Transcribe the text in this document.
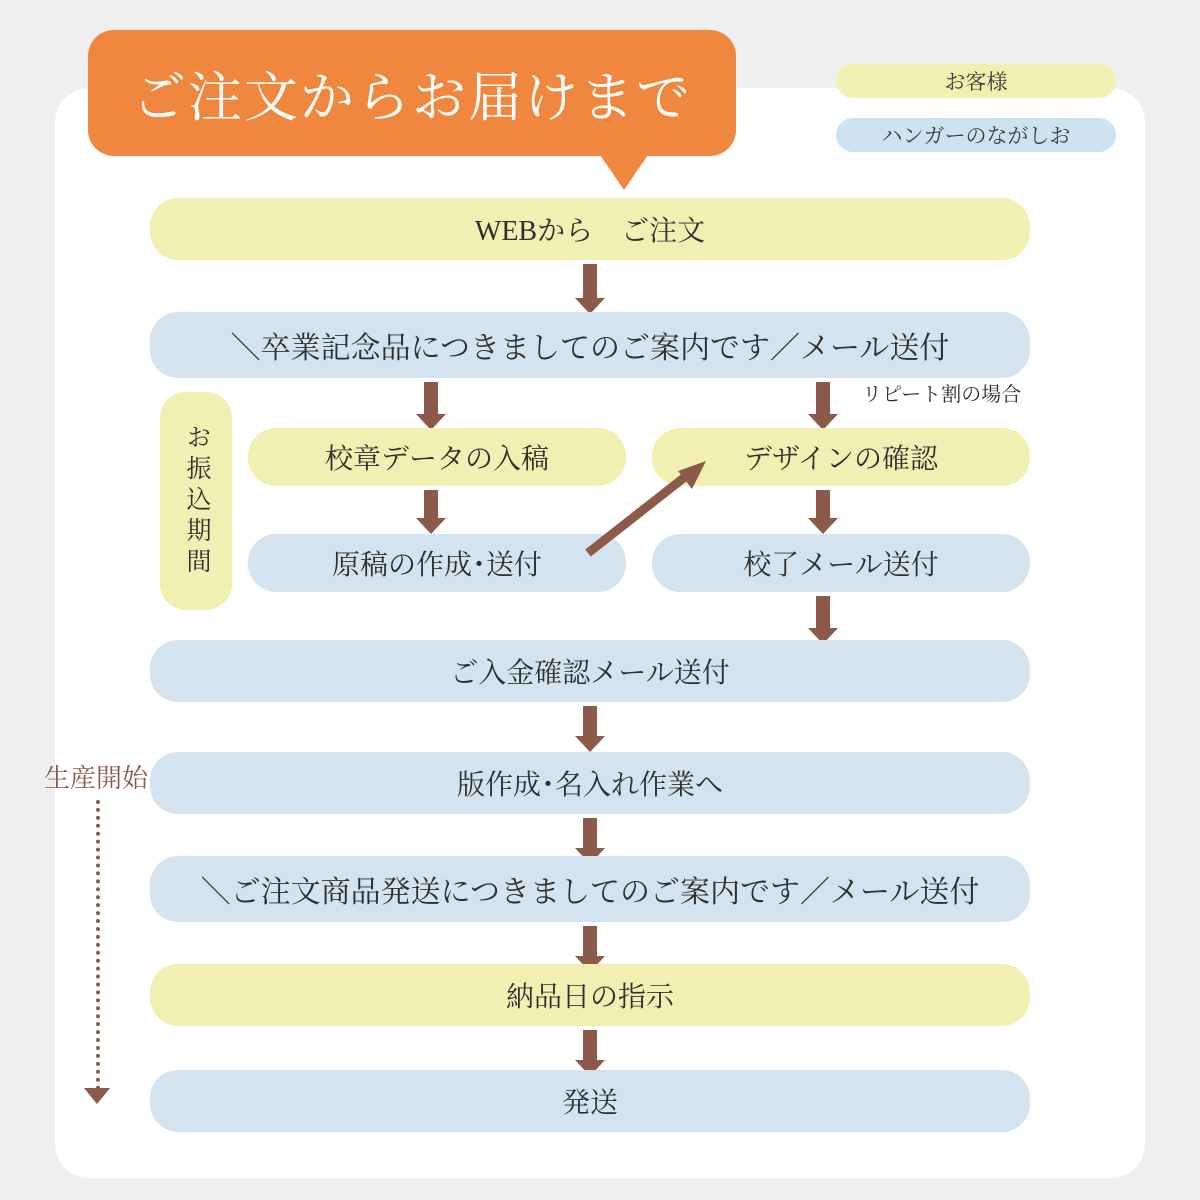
ご注文からお届けまで	お客様
ハンガーのながしお
WEBから　ご注文
＼卒業記念品につきましてのご案内です／メール送付
リピート割の場合
お振込期間	校章データの入稿	デザインの確認
原稿の作成･送付	校了メール送付
ご入金確認メール送付
生産開始	版作成･名入れ作業へ
＼ご注文商品発送につきましてのご案内です／メール送付
納品日の指示
発送
